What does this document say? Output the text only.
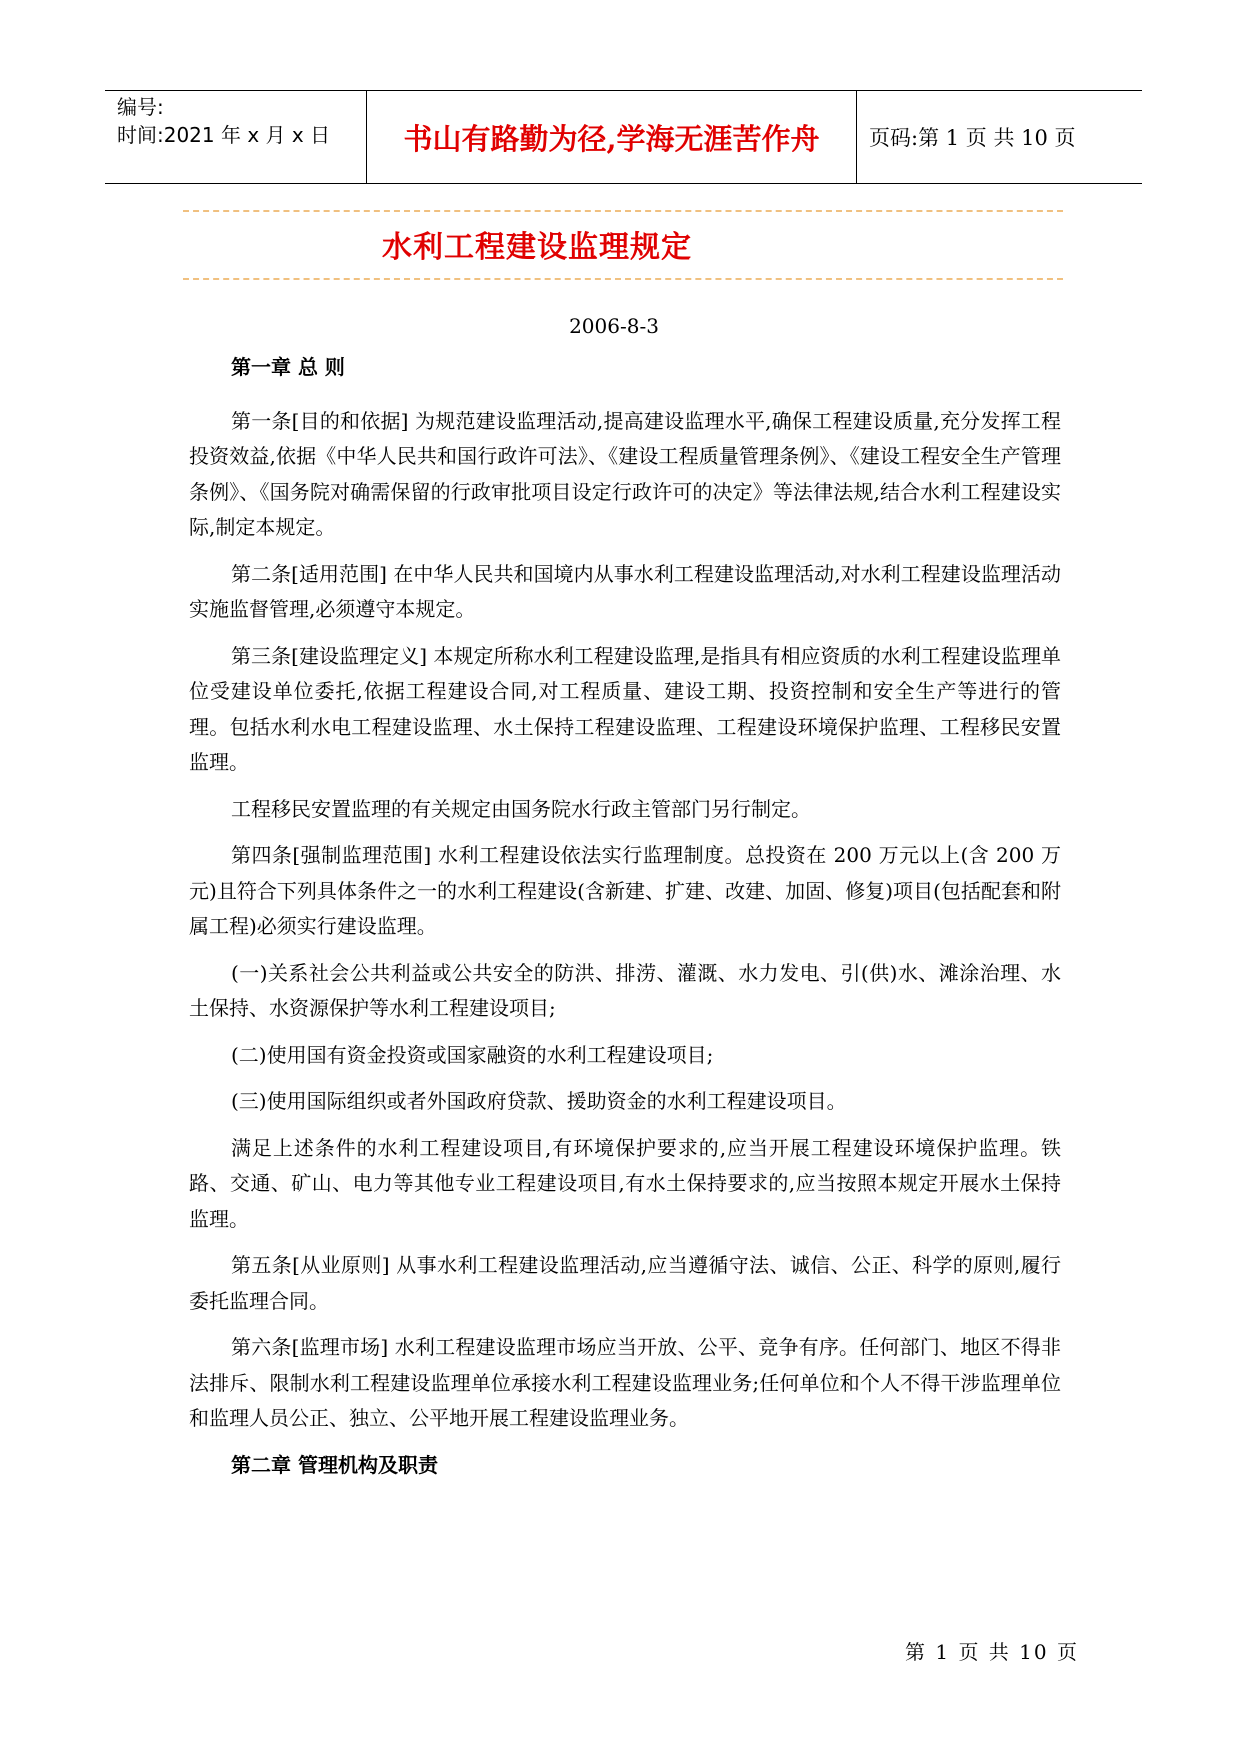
编号:
时间:2021 年 x 月 x 日	书山有路勤为径,学海无涯苦作舟	页码:第 1 页 共 10 页
水利工程建设监理规定
2006-8-3
第一章 总 则

第一条[目的和依据] 为规范建设监理活动,提高建设监理水平,确保工程建设质量,充分发挥工程投资效益,依据《中华人民共和国行政许可法》、《建设工程质量管理条例》、《建设工程安全生产管理条例》、《国务院对确需保留的行政审批项目设定行政许可的决定》等法律法规,结合水利工程建设实际,制定本规定。

第二条[适用范围] 在中华人民共和国境内从事水利工程建设监理活动,对水利工程建设监理活动实施监督管理,必须遵守本规定。

第三条[建设监理定义] 本规定所称水利工程建设监理,是指具有相应资质的水利工程建设监理单位受建设单位委托,依据工程建设合同,对工程质量、建设工期、投资控制和安全生产等进行的管理。包括水利水电工程建设监理、水土保持工程建设监理、工程建设环境保护监理、工程移民安置监理。

工程移民安置监理的有关规定由国务院水行政主管部门另行制定。

第四条[强制监理范围] 水利工程建设依法实行监理制度。总投资在 200 万元以上(含 200 万元)且符合下列具体条件之一的水利工程建设(含新建、扩建、改建、加固、修复)项目(包括配套和附属工程)必须实行建设监理。

(一)关系社会公共利益或公共安全的防洪、排涝、灌溉、水力发电、引(供)水、滩涂治理、水土保持、水资源保护等水利工程建设项目;

(二)使用国有资金投资或国家融资的水利工程建设项目;

(三)使用国际组织或者外国政府贷款、援助资金的水利工程建设项目。

满足上述条件的水利工程建设项目,有环境保护要求的,应当开展工程建设环境保护监理。铁路、交通、矿山、电力等其他专业工程建设项目,有水土保持要求的,应当按照本规定开展水土保持监理。

第五条[从业原则] 从事水利工程建设监理活动,应当遵循守法、诚信、公正、科学的原则,履行委托监理合同。

第六条[监理市场] 水利工程建设监理市场应当开放、公平、竞争有序。任何部门、地区不得非法排斥、限制水利工程建设监理单位承接水利工程建设监理业务;任何单位和个人不得干涉监理单位和监理人员公正、独立、公平地开展工程建设监理业务。

第二章 管理机构及职责
第 1 页 共 10 页
